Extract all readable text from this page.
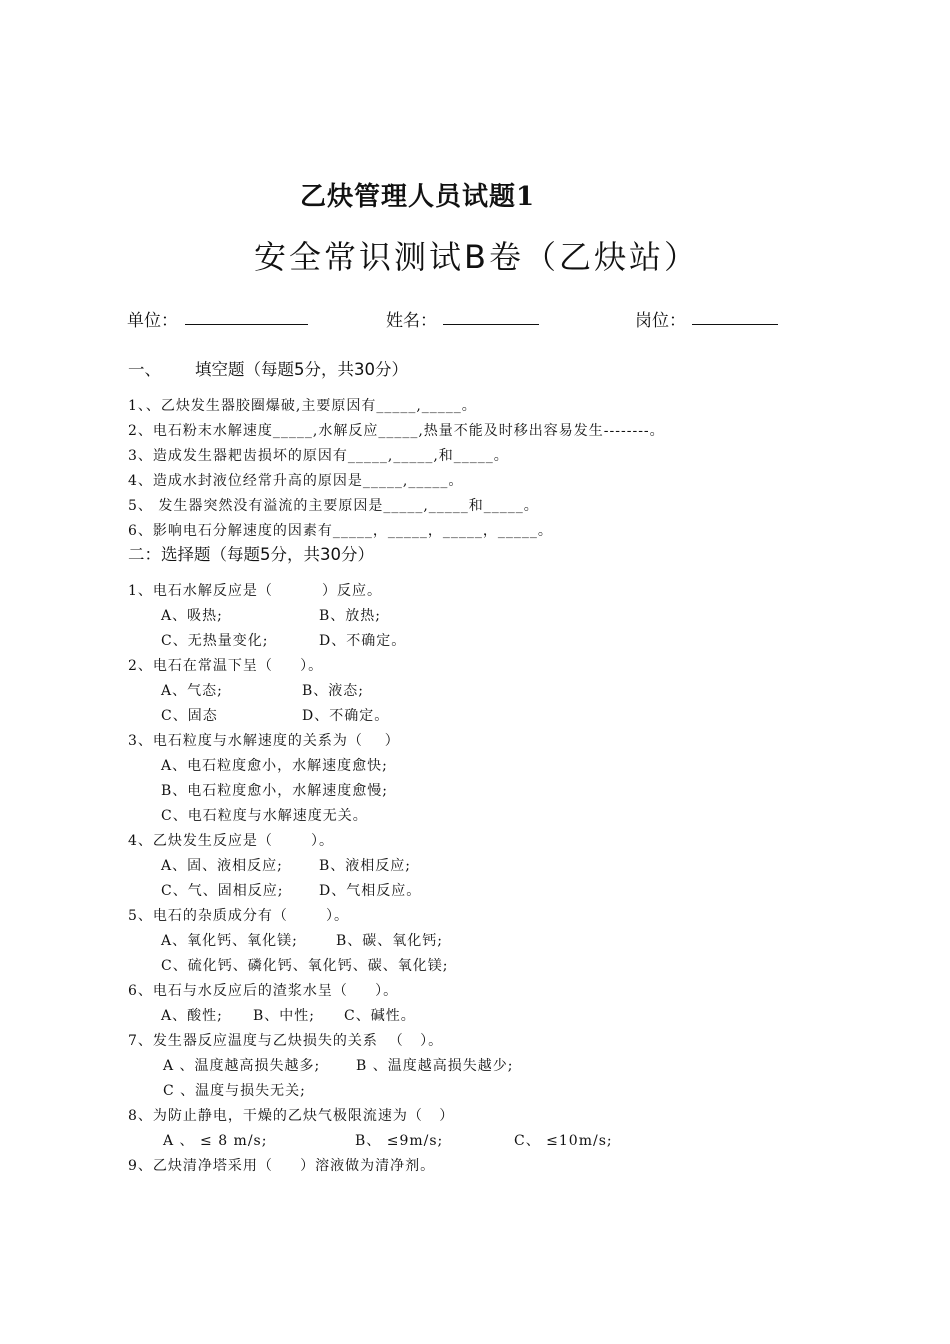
乙炔管理人员试题1
安全常识测试B卷（乙炔站）
单位：	姓名：	岗位：
一、 填空题（每题5分，共30分）
1、、乙炔发生器胶圈爆破,主要原因有_____,_____。
2、电石粉末水解速度_____,水解反应_____,热量不能及时移出容易发生--------。
3、造成发生器耙齿损坏的原因有_____,_____,和_____。
4、造成水封液位经常升高的原因是_____,_____。
5、 发生器突然没有溢流的主要原因是_____,_____和_____。
6、影响电石分解速度的因素有_____，_____，_____，_____。
二：选择题（每题5分，共30分）
1、电石水解反应是（         ）反应。
A、吸热;	B、放热;
C、无热量变化;	D、不确定。
2、电石在常温下呈（     ）。
A、气态;	B、液态;
C、固态	D、不确定。
3、电石粒度与水解速度的关系为（    ）
A、电石粒度愈小，水解速度愈快;
B、电石粒度愈小，水解速度愈慢;
C、电石粒度与水解速度无关。
4、乙炔发生反应是（       ）。
A、固、液相反应;	B、液相反应;
C、气、固相反应;	D、气相反应。
5、电石的杂质成分有（       ）。
A、氧化钙、氧化镁;	B、碳、氧化钙;
C、硫化钙、磷化钙、氧化钙、碳、氧化镁;
6、电石与水反应后的渣浆水呈（     ）。
A、酸性; B、中性; C、碱性。
7、发生器反应温度与乙炔损失的关系  （   ）。
A 、温度越高损失越多;	B 、温度越高损失越少;
C 、温度与损失无关;
8、为防止静电，干燥的乙炔气极限流速为（   ）
A 、 ≤ 8 m/s;	B、 ≤9m/s;	C、 ≤10m/s;
9、乙炔清净塔采用（     ）溶液做为清净剂。
